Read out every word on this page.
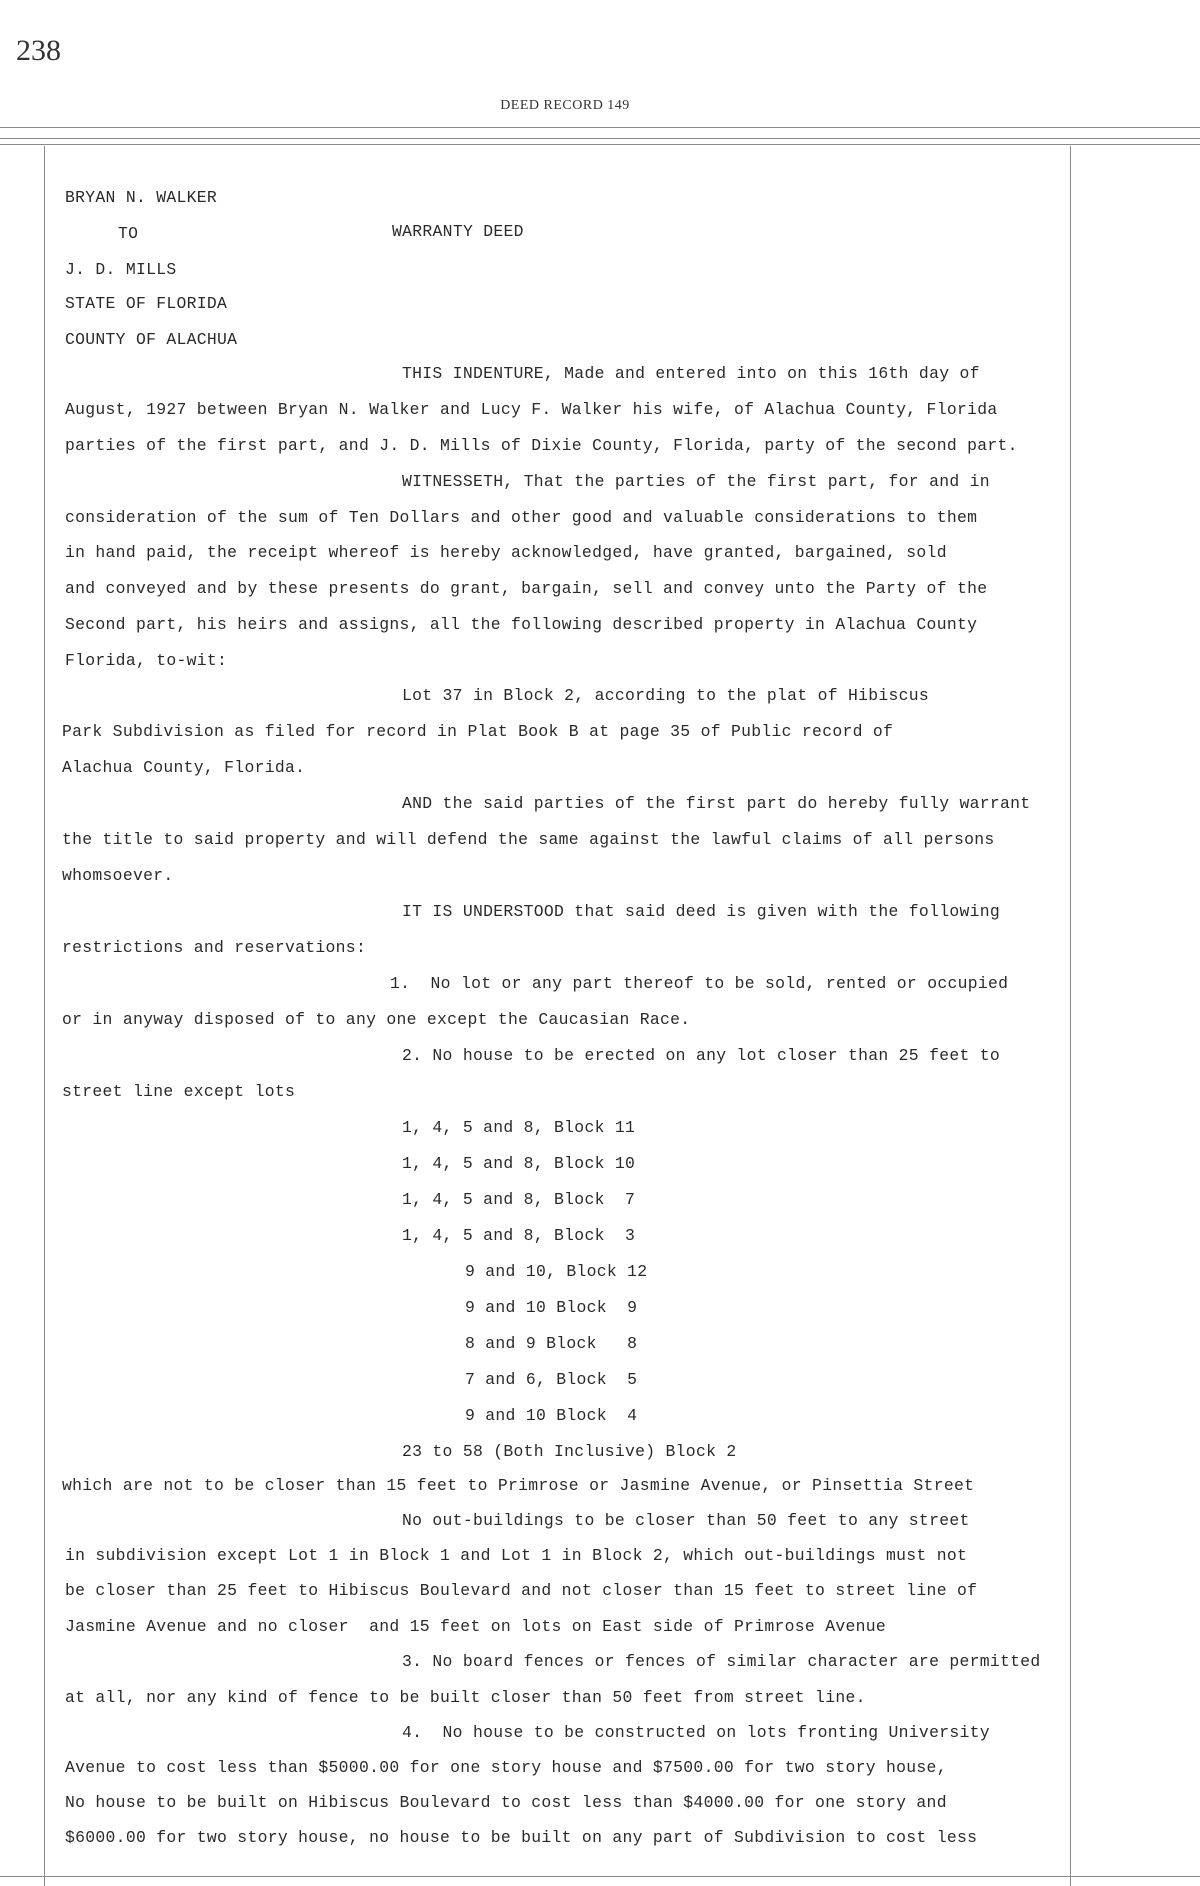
238
DEED RECORD 149
BRYAN N. WALKER
TO	WARRANTY DEED
J. D. MILLS
STATE OF FLORIDA
COUNTY OF ALACHUA
THIS INDENTURE, Made and entered into on this 16th day of
August, 1927 between Bryan N. Walker and Lucy F. Walker his wife, of Alachua County, Florida
parties of the first part, and J. D. Mills of Dixie County, Florida, party of the second part.
WITNESSETH, That the parties of the first part, for and in
consideration of the sum of Ten Dollars and other good and valuable considerations to them
in hand paid, the receipt whereof is hereby acknowledged, have granted, bargained, sold
and conveyed and by these presents do grant, bargain, sell and convey unto the Party of the
Second part, his heirs and assigns, all the following described property in Alachua County
Florida, to-wit:
Lot 37 in Block 2, according to the plat of Hibiscus
Park Subdivision as filed for record in Plat Book B at page 35 of Public record of
Alachua County, Florida.
AND the said parties of the first part do hereby fully warrant
the title to said property and will defend the same against the lawful claims of all persons
whomsoever.
IT IS UNDERSTOOD that said deed is given with the following
restrictions and reservations:
1.  No lot or any part thereof to be sold, rented or occupied
or in anyway disposed of to any one except the Caucasian Race.
2. No house to be erected on any lot closer than 25 feet to
street line except lots
1, 4, 5 and 8, Block 11
1, 4, 5 and 8, Block 10
1, 4, 5 and 8, Block  7
1, 4, 5 and 8, Block  3
9 and 10, Block 12
9 and 10 Block  9
8 and 9 Block   8
7 and 6, Block  5
9 and 10 Block  4
23 to 58 (Both Inclusive) Block 2
which are not to be closer than 15 feet to Primrose or Jasmine Avenue, or Pinsettia Street
No out-buildings to be closer than 50 feet to any street
in subdivision except Lot 1 in Block 1 and Lot 1 in Block 2, which out-buildings must not
be closer than 25 feet to Hibiscus Boulevard and not closer than 15 feet to street line of
Jasmine Avenue and no closer  and 15 feet on lots on East side of Primrose Avenue
3. No board fences or fences of similar character are permitted
at all, nor any kind of fence to be built closer than 50 feet from street line.
4.  No house to be constructed on lots fronting University
Avenue to cost less than $5000.00 for one story house and $7500.00 for two story house,
No house to be built on Hibiscus Boulevard to cost less than $4000.00 for one story and
$6000.00 for two story house, no house to be built on any part of Subdivision to cost less
